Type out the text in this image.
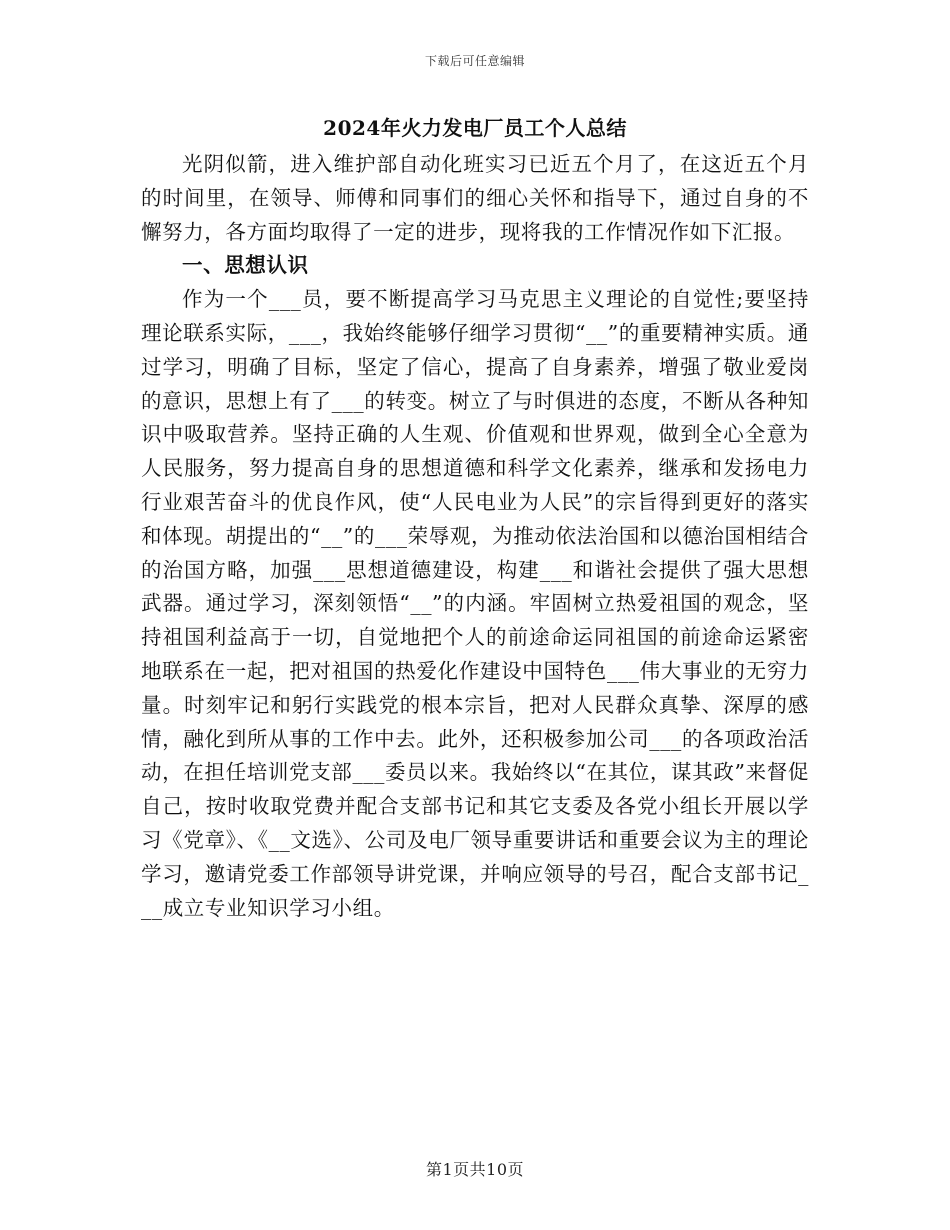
下载后可任意编辑
2024年火力发电厂员工个人总结

光阴似箭，进入维护部自动化班实习已近五个月了，在这近五个月的时间里，在领导、师傅和同事们的细心关怀和指导下，通过自身的不懈努力，各方面均取得了一定的进步，现将我的工作情况作如下汇报。

一、思想认识

作为一个___员，要不断提高学习马克思主义理论的自觉性;要坚持理论联系实际，___，我始终能够仔细学习贯彻“__”的重要精神实质。通过学习，明确了目标，坚定了信心，提高了自身素养，增强了敬业爱岗的意识，思想上有了___的转变。树立了与时俱进的态度，不断从各种知识中吸取营养。坚持正确的人生观、价值观和世界观，做到全心全意为人民服务，努力提高自身的思想道德和科学文化素养，继承和发扬电力行业艰苦奋斗的优良作风，使“人民电业为人民”的宗旨得到更好的落实和体现。胡提出的“__”的___荣辱观，为推动依法治国和以德治国相结合的治国方略，加强___思想道德建设，构建___和谐社会提供了强大思想武器。通过学习，深刻领悟“__”的内涵。牢固树立热爱祖国的观念，坚持祖国利益高于一切，自觉地把个人的前途命运同祖国的前途命运紧密地联系在一起，把对祖国的热爱化作建设中国特色___伟大事业的无穷力量。时刻牢记和躬行实践党的根本宗旨，把对人民群众真挚、深厚的感情，融化到所从事的工作中去。此外，还积极参加公司___的各项政治活动，在担任培训党支部___委员以来。我始终以“在其位，谋其政”来督促自己，按时收取党费并配合支部书记和其它支委及各党小组长开展以学习《党章》、《__文选》、公司及电厂领导重要讲话和重要会议为主的理论学习，邀请党委工作部领导讲党课，并响应领导的号召，配合支部书记___成立专业知识学习小组。

第1页共10页
